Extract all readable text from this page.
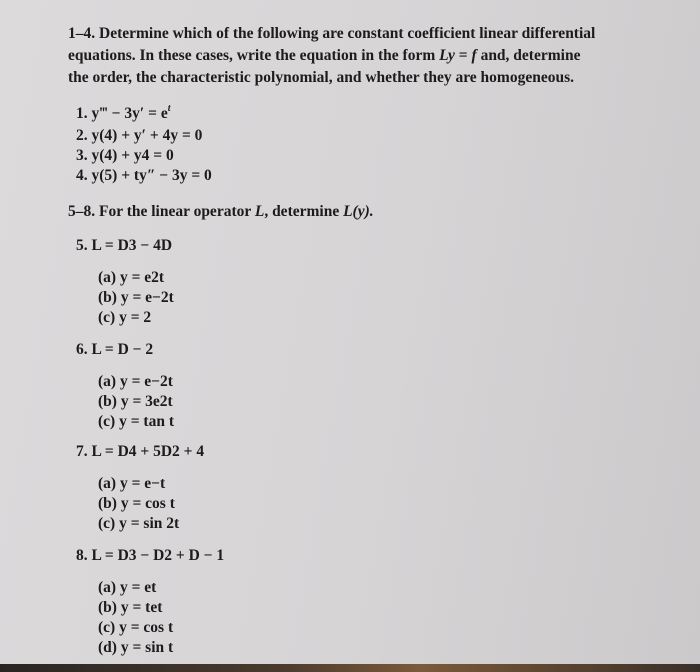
1–4. Determine which of the following are constant coefficient linear differential
equations. In these cases, write the equation in the form Ly = f and, determine
the order, the characteristic polynomial, and whether they are homogeneous.
1. y‴ − $3y' = e^t$
2. y(4) + y′ + 4y = 0
3. y(4) + y4 = 0
4. y(5) + ty″ − 3y = 0
5–8. For the linear operator L, determine L(y).
5. L = D3 − 4D
(a) y = e2t
(b) y = e−2t
(c) y = 2
6. L = D − 2
(a) y = e−2t
(b) y = 3e2t
(c) y = tan t
7. L = D4 + 5D2 + 4
(a) y = e−t
(b) y = cos t
(c) y = sin 2t
8. L = D3 − D2 + D − 1
(a) y = et
(b) y = tet
(c) y = cos t
(d) y = sin t
